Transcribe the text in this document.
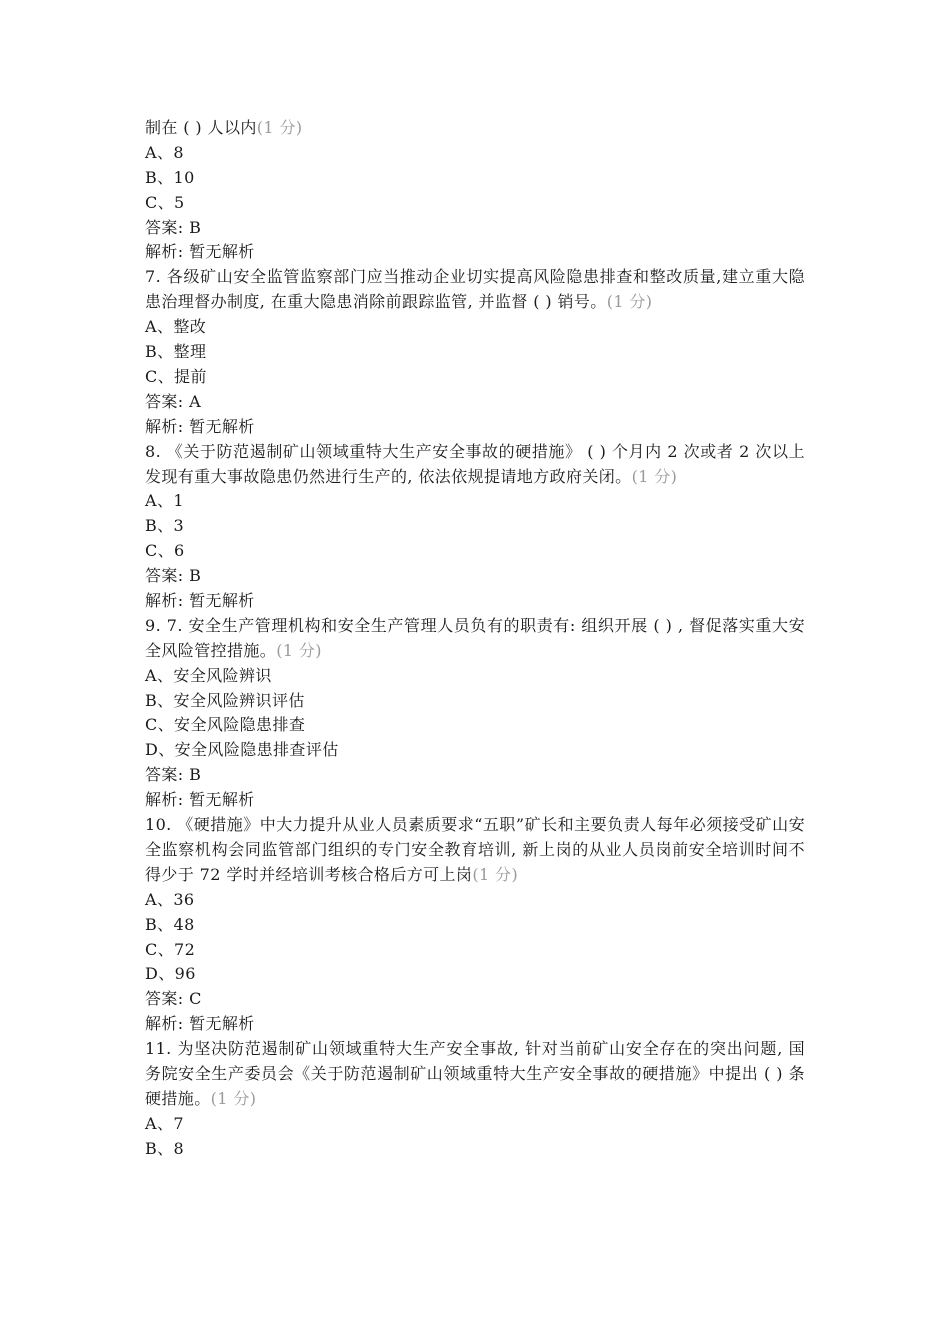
制在 ( ) 人以内(1 分)
A、8
B、10
C、5
答案: B
解析: 暂无解析
7. 各级矿山安全监管监察部门应当推动企业切实提高风险隐患排查和整改质量,建立重大隐患治理督办制度, 在重大隐患消除前跟踪监管, 并监督 ( ) 销号。(1 分)
A、整改
B、整理
C、提前
答案: A
解析: 暂无解析
8. 《关于防范遏制矿山领域重特大生产安全事故的硬措施》 ( ) 个月内 2 次或者 2 次以上发现有重大事故隐患仍然进行生产的, 依法依规提请地方政府关闭。(1 分)
A、1
B、3
C、6
答案: B
解析: 暂无解析
9. 7. 安全生产管理机构和安全生产管理人员负有的职责有: 组织开展 ( ) , 督促落实重大安全风险管控措施。(1 分)
A、安全风险辨识
B、安全风险辨识评估
C、安全风险隐患排查
D、安全风险隐患排查评估
答案: B
解析: 暂无解析
10. 《硬措施》中大力提升从业人员素质要求“五职”矿长和主要负责人每年必须接受矿山安全监察机构会同监管部门组织的专门安全教育培训, 新上岗的从业人员岗前安全培训时间不得少于 72 学时并经培训考核合格后方可上岗(1 分)
A、36
B、48
C、72
D、96
答案: C
解析: 暂无解析
11. 为坚决防范遏制矿山领域重特大生产安全事故, 针对当前矿山安全存在的突出问题, 国务院安全生产委员会《关于防范遏制矿山领域重特大生产安全事故的硬措施》中提出 ( ) 条硬措施。(1 分)
A、7
B、8
